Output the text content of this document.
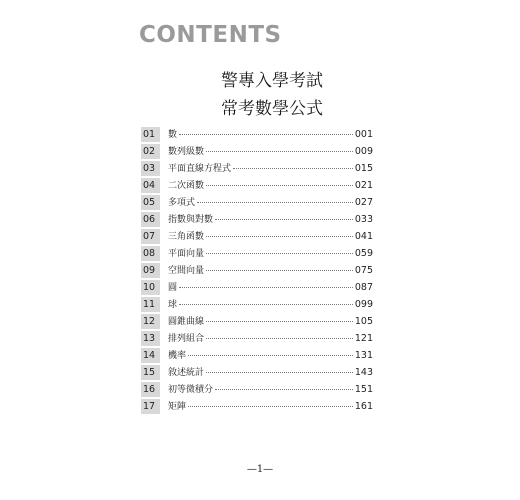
CONTENTS
警專入學考試
常考數學公式
01	數	001
02	數列級數	009
03	平面直線方程式	015
04	二次函數	021
05	多項式	027
06	指數與對數	033
07	三角函數	041
08	平面向量	059
09	空間向量	075
10	圓	087
11	球	099
12	圓錐曲線	105
13	排列組合	121
14	機率	131
15	敘述統計	143
16	初等微積分	151
17	矩陣	161
—1—
